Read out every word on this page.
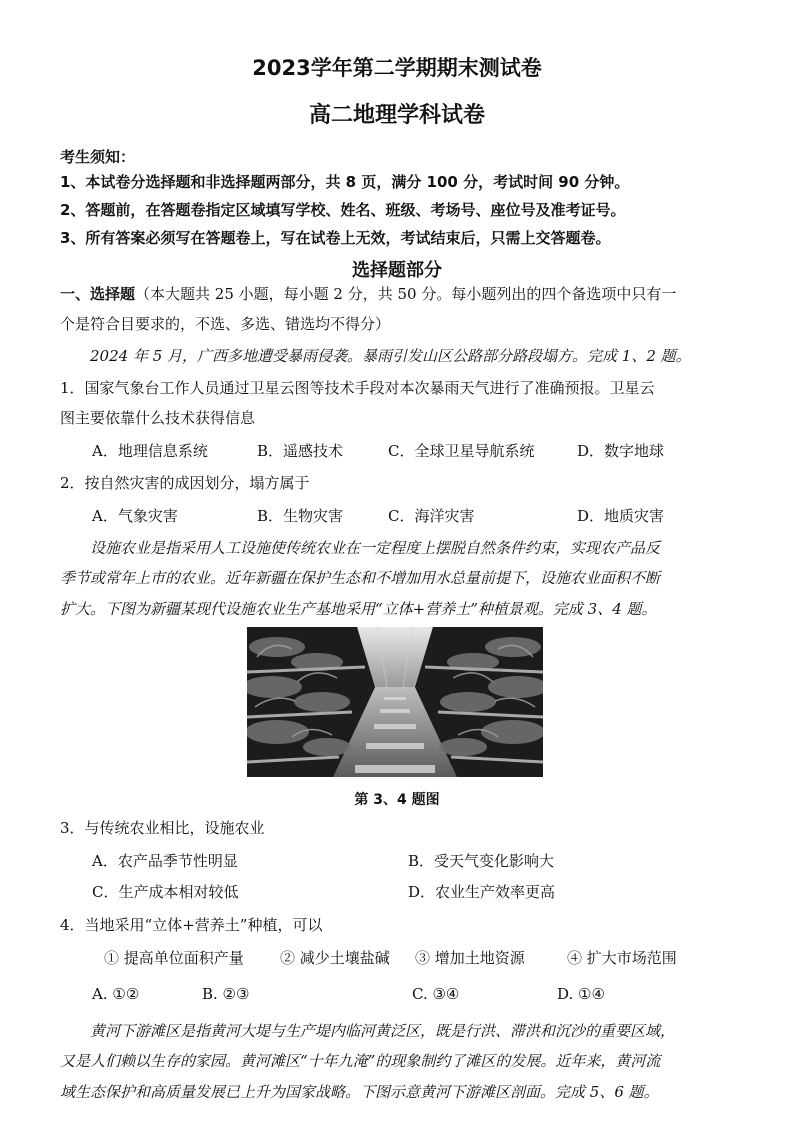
2023学年第二学期期末测试卷
高二地理学科试卷
考生须知：
1、本试卷分选择题和非选择题两部分，共 8 页，满分 100 分，考试时间 90 分钟。
2、答题前，在答题卷指定区域填写学校、姓名、班级、考场号、座位号及准考证号。
3、所有答案必须写在答题卷上，写在试卷上无效，考试结束后，只需上交答题卷。
选择题部分
一、选择题（本大题共 25 小题，每小题 2 分，共 50 分。每小题列出的四个备选项中只有一
个是符合目要求的，不选、多选、错选均不得分）
2024 年 5 月，广西多地遭受暴雨侵袭。暴雨引发山区公路部分路段塌方。完成 1、2 题。
1．国家气象台工作人员通过卫星云图等技术手段对本次暴雨天气进行了准确预报。卫星云
图主要依靠什么技术获得信息
A．地理信息系统	B．遥感技术	C．全球卫星导航系统	D．数字地球
2．按自然灾害的成因划分，塌方属于
A．气象灾害	B．生物灾害	C．海洋灾害	D．地质灾害
设施农业是指采用人工设施使传统农业在一定程度上摆脱自然条件约束，实现农产品反
季节或常年上市的农业。近年新疆在保护生态和不增加用水总量前提下，设施农业面积不断
扩大。下图为新疆某现代设施农业生产基地采用“立体+营养土”种植景观。完成 3、4 题。
第 3、4 题图
3．与传统农业相比，设施农业
A．农产品季节性明显	B．受天气变化影响大
C．生产成本相对较低	D．农业生产效率更高
4．当地采用“立体+营养土”种植，可以
① 提高单位面积产量 ② 减少土壤盐碱 ③ 增加土地资源	④ 扩大市场范围
A. ①②	B. ②③	C. ③④	D. ①④
黄河下游滩区是指黄河大堤与生产堤内临河黄泛区，既是行洪、滞洪和沉沙的重要区域，
又是人们赖以生存的家园。黄河滩区“十年九淹”的现象制约了滩区的发展。近年来，黄河流
域生态保护和高质量发展已上升为国家战略。下图示意黄河下游滩区剖面。完成 5、6 题。
